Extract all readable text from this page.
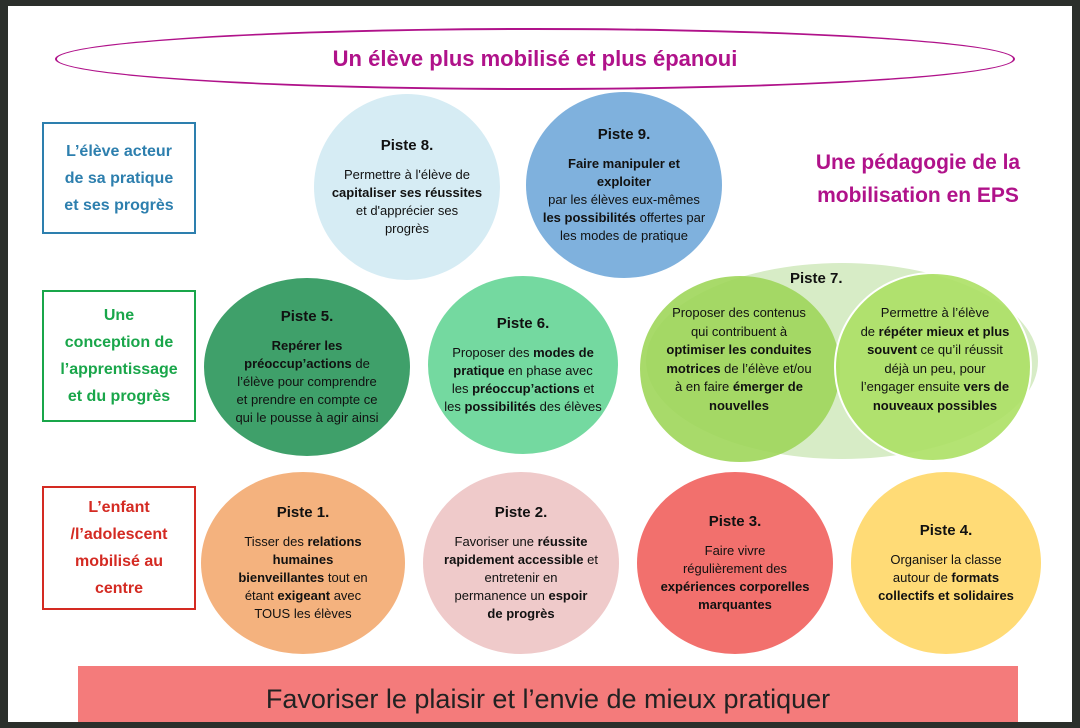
Un élève plus mobilisé et plus épanoui
L’élève acteur
de sa pratique
et ses progrès
Une
conception de
l’apprentissage
et du progrès
L’enfant
/l’adolescent
mobilisé au
centre
Piste 8.
Permettre à l'élève de
capitaliser ses réussites
et d'apprécier ses
progrès
Piste 9.
Faire manipuler et exploiter
par les élèves eux-mêmes
les possibilités offertes par
les modes de pratique
Une pédagogie de la
mobilisation en EPS
Piste 5.
Repérer les
préoccup’actions de
l’élève pour comprendre
et prendre en compte ce
qui le pousse à agir ainsi
Piste 6.
Proposer des modes de
pratique en phase avec
les préoccup’actions et
les possibilités des élèves
Piste 7.
Proposer des contenus
qui contribuent à
optimiser les conduites
motrices de l’élève et/ou
à en faire émerger de
nouvelles
Permettre à l’élève
de répéter mieux et plus
souvent ce qu’il réussit
déjà un peu, pour
l’engager ensuite vers de
nouveaux possibles
Piste 1.
Tisser des relations
humaines
bienveillantes tout en
étant exigeant avec
TOUS les élèves
Piste 2.
Favoriser une réussite
rapidement accessible et
entretenir en
permanence un espoir
de progrès
Piste 3.
Faire vivre
régulièrement des
expériences corporelles
marquantes
Piste 4.
Organiser la classe
autour de formats
collectifs et solidaires
Favoriser le plaisir et l’envie de mieux pratiquer
